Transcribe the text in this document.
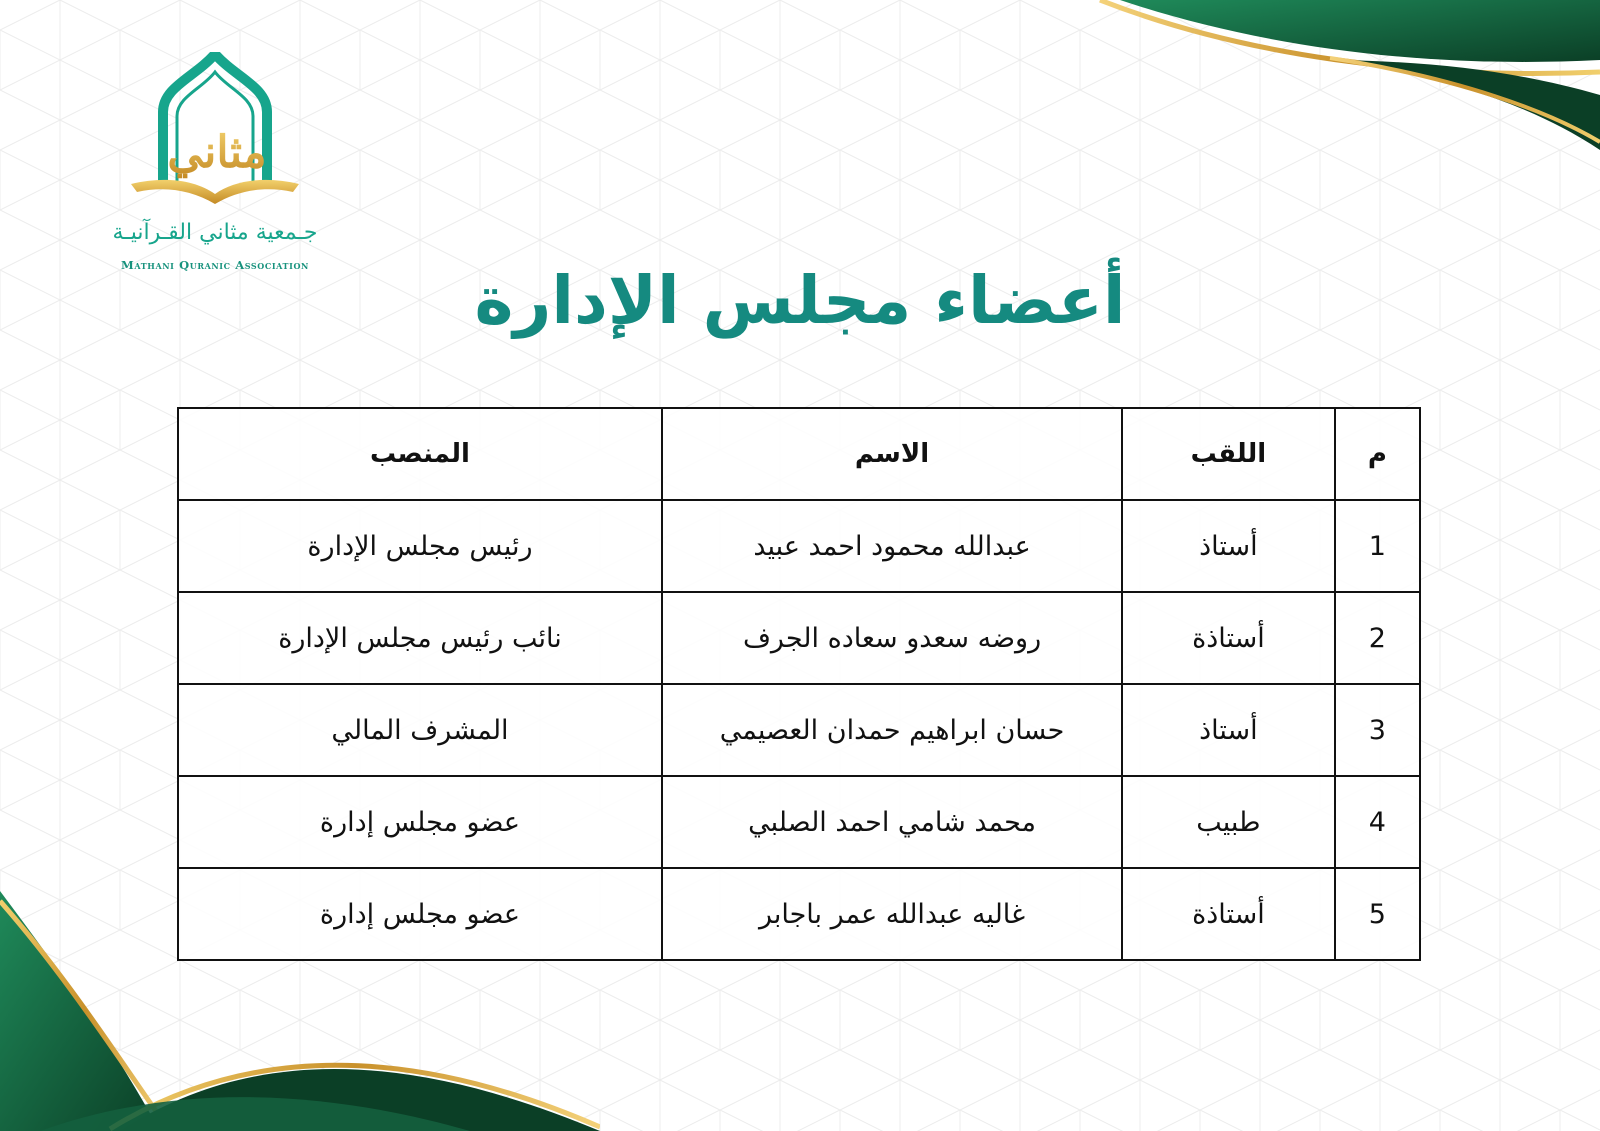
مثاني
جـمعية مثاني القـرآنيـة
Mathani Quranic Association	أعضاء مجلس الإدارة
م	اللقب	الاسم	المنصب
1	أستاذ	عبدالله محمود احمد عبيد	رئيس مجلس الإدارة
2	أستاذة	روضه سعدو سعاده الجرف	نائب رئيس مجلس الإدارة
3	أستاذ	حسان ابراهيم حمدان العصيمي	المشرف المالي
4	طبيب	محمد شامي احمد الصلبي	عضو مجلس إدارة
5	أستاذة	غاليه عبدالله عمر باجابر	عضو مجلس إدارة
